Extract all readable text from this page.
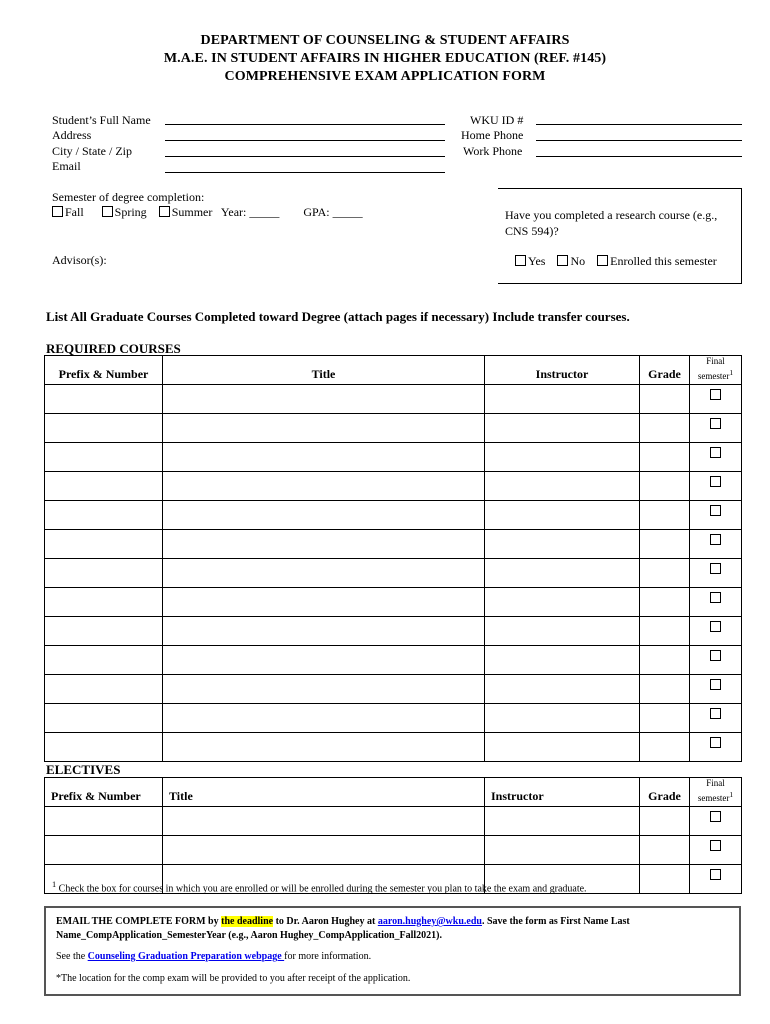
DEPARTMENT OF COUNSELING & STUDENT AFFAIRS
M.A.E. IN STUDENT AFFAIRS IN HIGHER EDUCATION (REF. #145)
COMPREHENSIVE EXAM APPLICATION FORM
Student’s Full Name
Address
City / State / Zip
Email
WKU ID #
Home Phone
Work Phone
Semester of degree completion:
Fall	Spring Summer Year: _____ GPA: _____
Advisor(s):
Have you completed a research course (e.g., CNS 594)?
Yes No Enrolled this semester
List All Graduate Courses Completed toward Degree (attach pages if necessary) Include transfer courses.
REQUIRED COURSES
Prefix & Number	Title	Instructor	Grade	Final semester$^1$

ELECTIVES
Prefix & Number	Title	Instructor	Grade	Final semester$^1$

$^1$ Check the box for courses in which you are enrolled or will be enrolled during the semester you plan to take the exam and graduate.

EMAIL THE COMPLETE FORM by the deadline to Dr. Aaron Hughey at aaron.hughey@wku.edu. Save the form as First Name Last Name_CompApplication_SemesterYear (e.g., Aaron Hughey_CompApplication_Fall2021).

See the Counseling Graduation Preparation webpage for more information.

*The location for the comp exam will be provided to you after receipt of the application.
